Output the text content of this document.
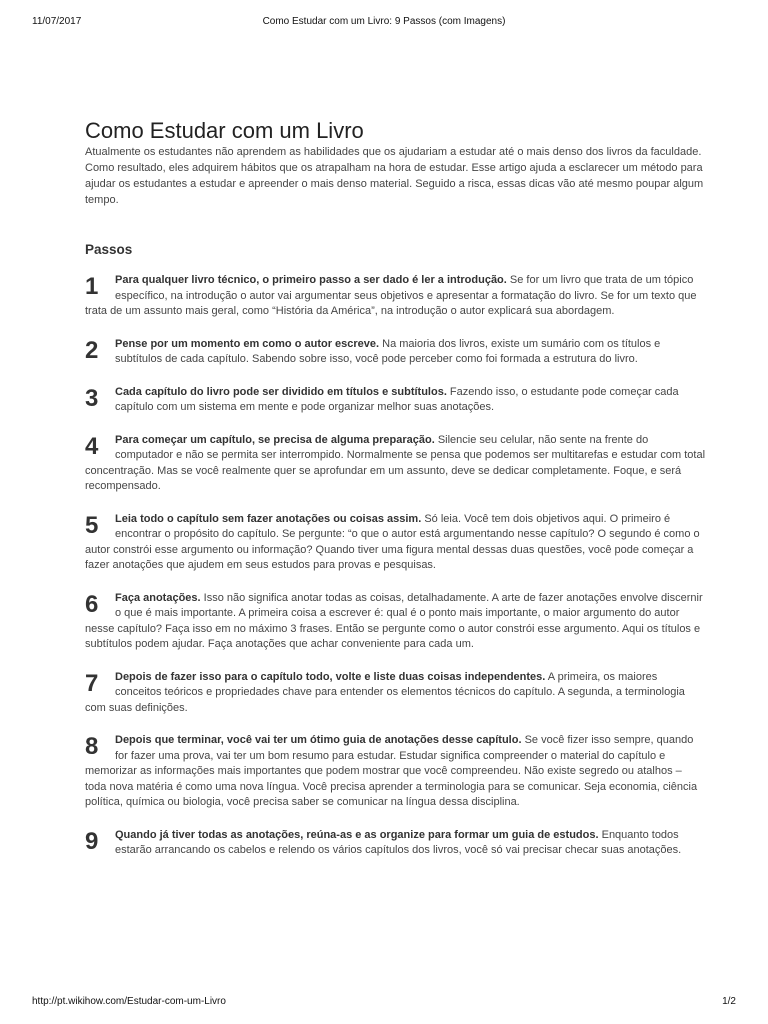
11/07/2017	Como Estudar com um Livro: 9 Passos (com Imagens)
Como Estudar com um Livro

Atualmente os estudantes não aprendem as habilidades que os ajudariam a estudar até o mais denso dos livros da faculdade. Como resultado, eles adquirem hábitos que os atrapalham na hora de estudar. Esse artigo ajuda a esclarecer um método para ajudar os estudantes a estudar e apreender o mais denso material. Seguido a risca, essas dicas vão até mesmo poupar algum tempo.

Passos
1	Para qualquer livro técnico, o primeiro passo a ser dado é ler a introdução. Se for um livro que trata de um tópico específico, na introdução o autor vai argumentar seus objetivos e apresentar a formatação do livro. Se for um texto que trata de um assunto mais geral, como “História da América”, na introdução o autor explicará sua abordagem.
2	Pense por um momento em como o autor escreve. Na maioria dos livros, existe um sumário com os títulos e subtítulos de cada capítulo. Sabendo sobre isso, você pode perceber como foi formada a estrutura do livro.
3	Cada capítulo do livro pode ser dividido em títulos e subtítulos. Fazendo isso, o estudante pode começar cada capítulo com um sistema em mente e pode organizar melhor suas anotações.
4	Para começar um capítulo, se precisa de alguma preparação. Silencie seu celular, não sente na frente do computador e não se permita ser interrompido. Normalmente se pensa que podemos ser multitarefas e estudar com total concentração. Mas se você realmente quer se aprofundar em um assunto, deve se dedicar completamente. Foque, e será recompensado.
5	Leia todo o capítulo sem fazer anotações ou coisas assim. Só leia. Você tem dois objetivos aqui. O primeiro é encontrar o propósito do capítulo. Se pergunte: “o que o autor está argumentando nesse capítulo? O segundo é como o autor constrói esse argumento ou informação? Quando tiver uma figura mental dessas duas questões, você pode começar a fazer anotações que ajudem em seus estudos para provas e pesquisas.
6	Faça anotações. Isso não significa anotar todas as coisas, detalhadamente. A arte de fazer anotações envolve discernir o que é mais importante. A primeira coisa a escrever é: qual é o ponto mais importante, o maior argumento do autor nesse capítulo? Faça isso em no máximo 3 frases. Então se pergunte como o autor constrói esse argumento. Aqui os títulos e subtítulos podem ajudar. Faça anotações que achar conveniente para cada um.
7	Depois de fazer isso para o capítulo todo, volte e liste duas coisas independentes. A primeira, os maiores conceitos teóricos e propriedades chave para entender os elementos técnicos do capítulo. A segunda, a terminologia com suas definições.
8	Depois que terminar, você vai ter um ótimo guia de anotações desse capítulo. Se você fizer isso sempre, quando for fazer uma prova, vai ter um bom resumo para estudar. Estudar significa compreender o material do capítulo e memorizar as informações mais importantes que podem mostrar que você compreendeu. Não existe segredo ou atalhos – toda nova matéria é como uma nova língua. Você precisa aprender a terminologia para se comunicar. Seja economia, ciência política, química ou biologia, você precisa saber se comunicar na língua dessa disciplina.
9	Quando já tiver todas as anotações, reúna-as e as organize para formar um guia de estudos. Enquanto todos estarão arrancando os cabelos e relendo os vários capítulos dos livros, você só vai precisar checar suas anotações.
http://pt.wikihow.com/Estudar-com-um-Livro	1/2
